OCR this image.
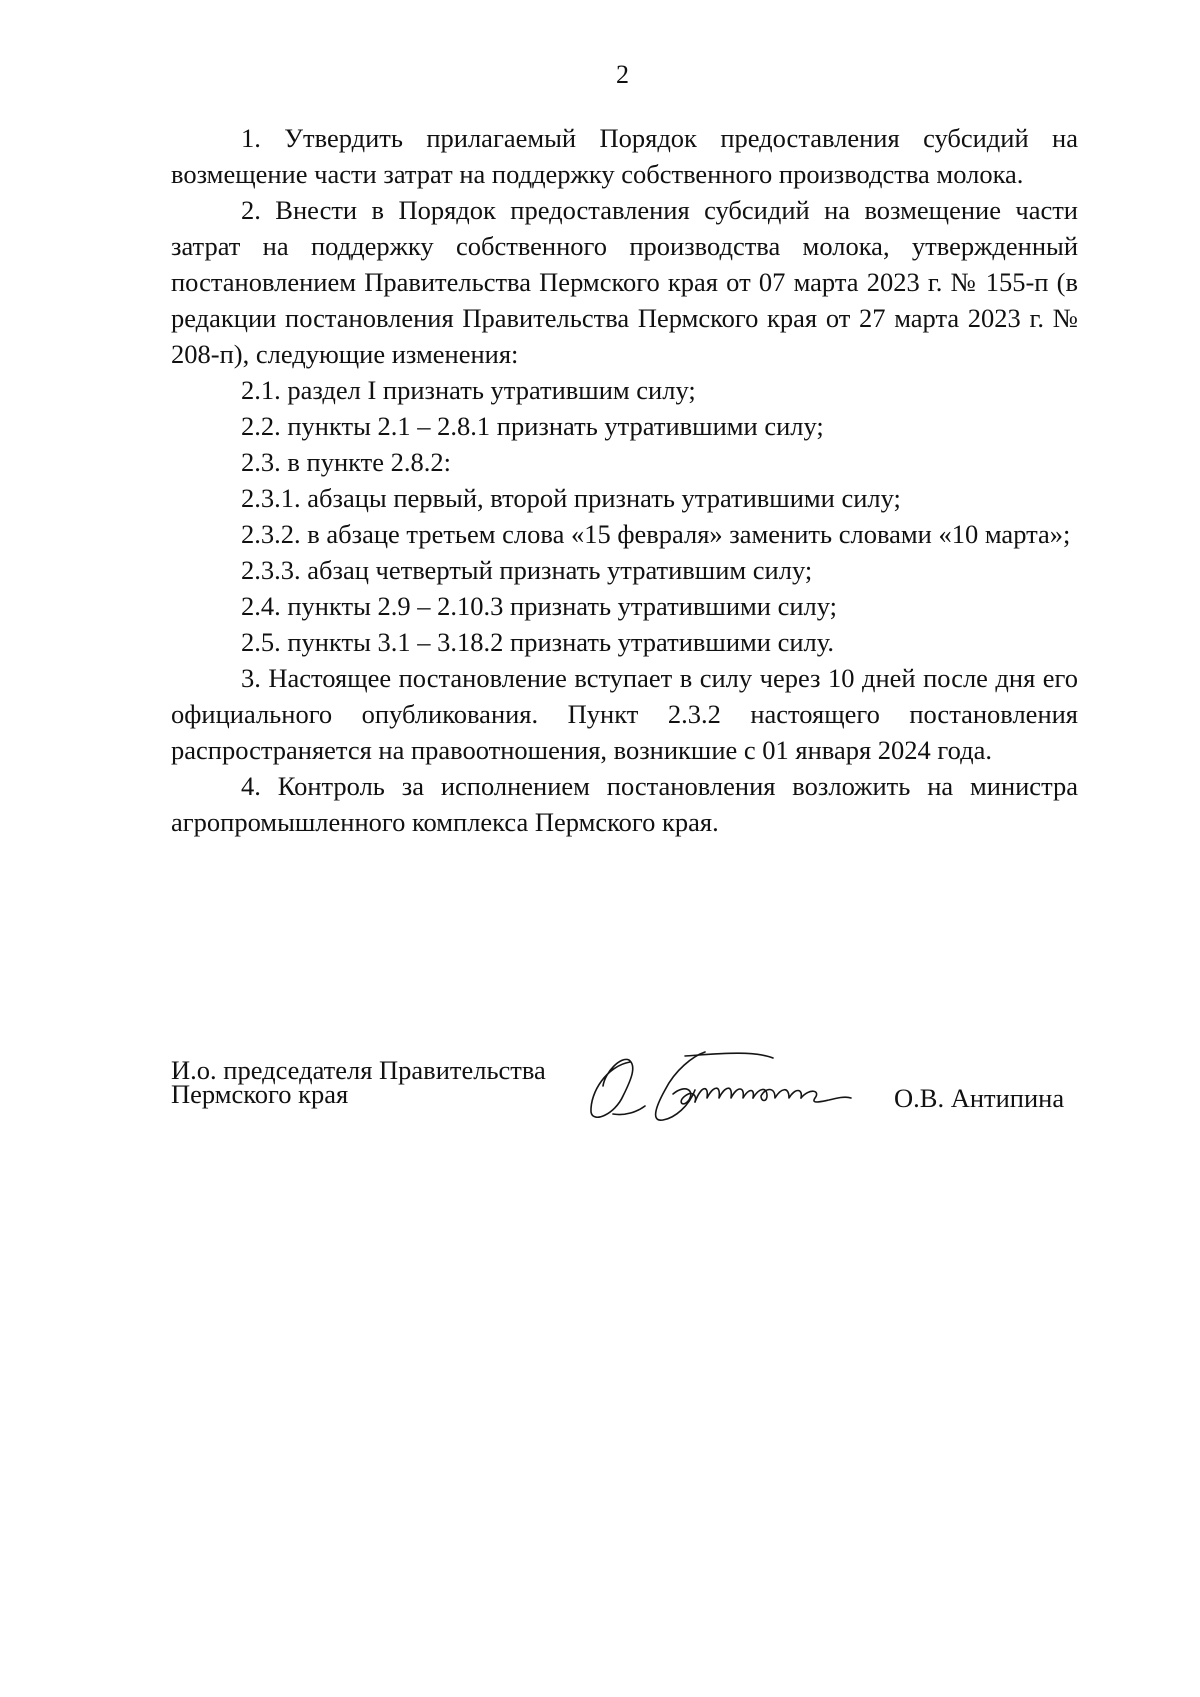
2

1. Утвердить прилагаемый Порядок предоставления субсидий на возмещение части затрат на поддержку собственного производства молока.

2. Внести в Порядок предоставления субсидий на возмещение части затрат на поддержку собственного производства молока, утвержденный постановлением Правительства Пермского края от 07 марта 2023 г. № 155-п (в редакции постановления Правительства Пермского края от 27 марта 2023 г. № 208-п), следующие изменения:

2.1. раздел I признать утратившим силу;

2.2. пункты 2.1 – 2.8.1 признать утратившими силу;

2.3. в пункте 2.8.2:

2.3.1. абзацы первый, второй признать утратившими силу;

2.3.2. в абзаце третьем слова «15 февраля» заменить словами «10 марта»;

2.3.3. абзац четвертый признать утратившим силу;

2.4. пункты 2.9 – 2.10.3 признать утратившими силу;

2.5. пункты 3.1 – 3.18.2 признать утратившими силу.

3. Настоящее постановление вступает в силу через 10 дней после дня его официального опубликования. Пункт 2.3.2 настоящего постановления распространяется на правоотношения, возникшие с 01 января 2024 года.

4. Контроль за исполнением постановления возложить на министра агропромышленного комплекса Пермского края.

И.о. председателя Правительства
Пермского края	О.В. Антипина
